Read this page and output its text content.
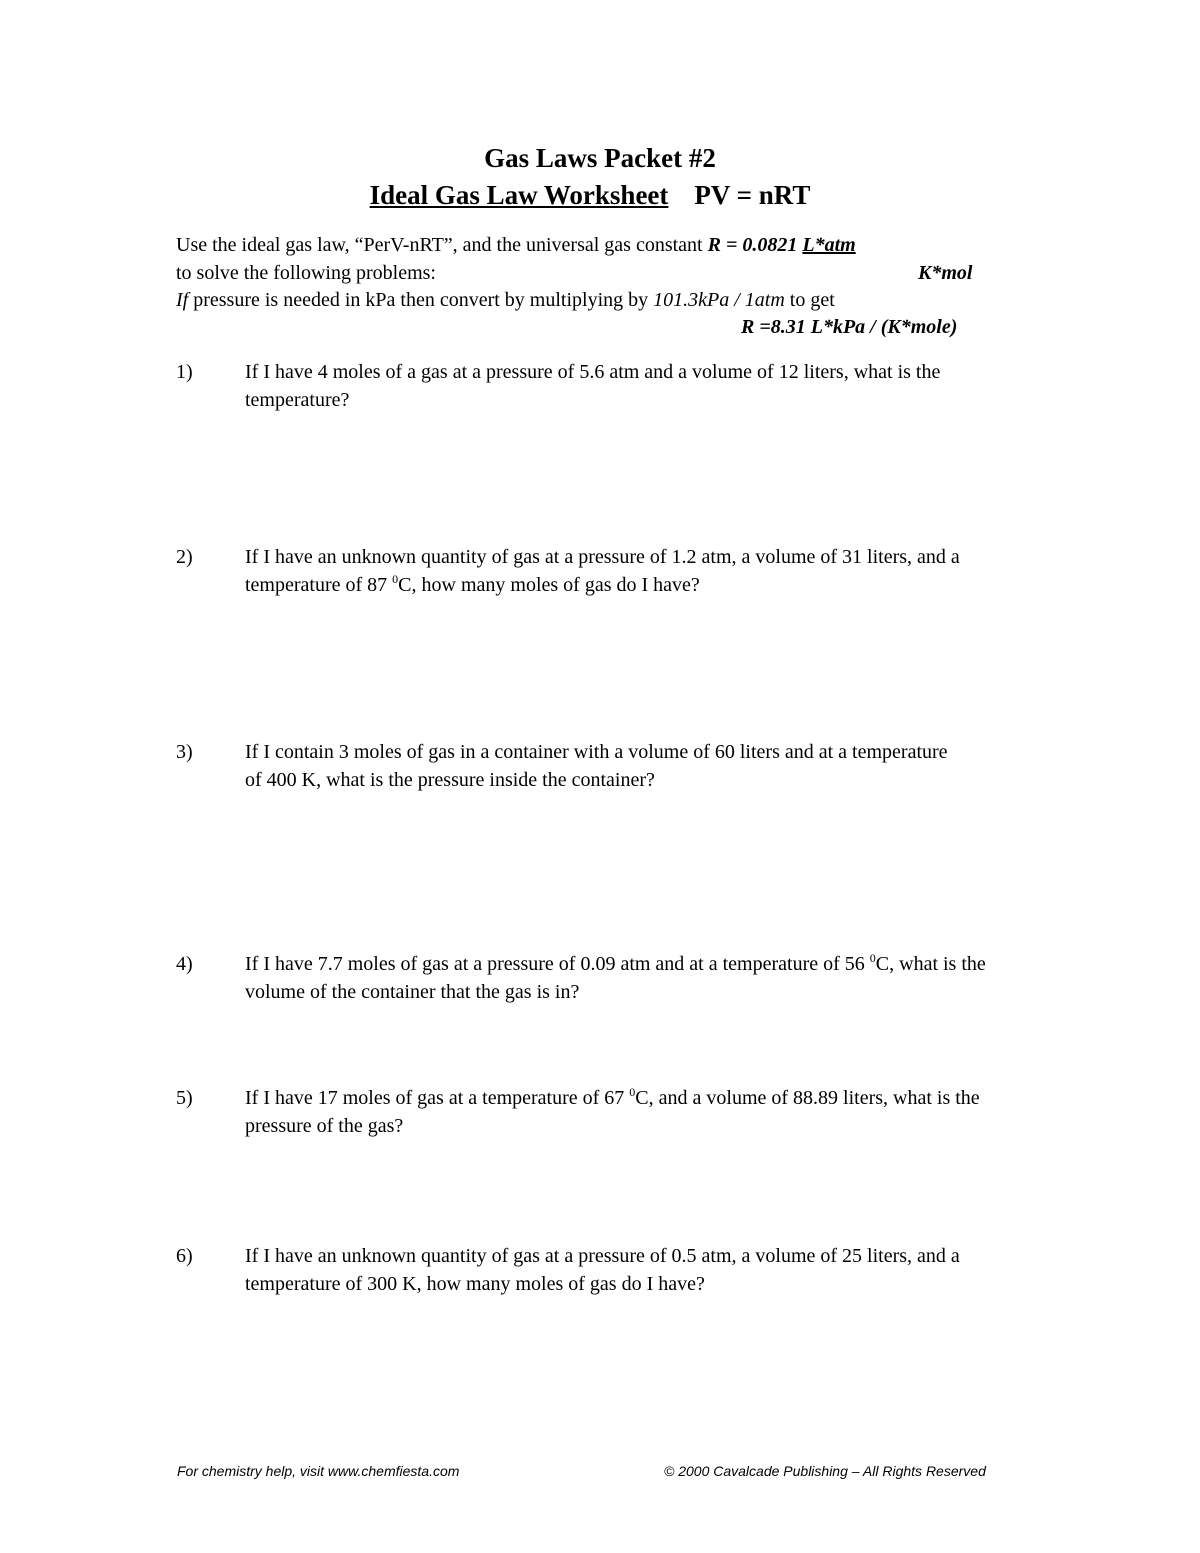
Gas Laws Packet #2
Ideal Gas Law Worksheet PV = nRT
Use the ideal gas law, “PerV-nRT”, and the universal gas constant R = 0.0821 L*atm
to solve the following problems:	K*mol
If pressure is needed in kPa then convert by multiplying by 101.3kPa / 1atm to get
R =8.31 L*kPa / (K*mole)
1)	If I have 4 moles of a gas at a pressure of 5.6 atm and a volume of 12 liters, what is the temperature?
2)	If I have an unknown quantity of gas at a pressure of 1.2 atm, a volume of 31 liters, and a temperature of 87 $^0$C, how many moles of gas do I have?
3)	If I contain 3 moles of gas in a container with a volume of 60 liters and at a temperature of 400 K, what is the pressure inside the container?
4)	If I have 7.7 moles of gas at a pressure of 0.09 atm and at a temperature of 56 $^0$C, what is the volume of the container that the gas is in?
5)	If I have 17 moles of gas at a temperature of 67 $^0$C, and a volume of 88.89 liters, what is the pressure of the gas?
6)	If I have an unknown quantity of gas at a pressure of 0.5 atm, a volume of 25 liters, and a temperature of 300 K, how many moles of gas do I have?
For chemistry help, visit www.chemfiesta.com	© 2000 Cavalcade Publishing – All Rights Reserved
